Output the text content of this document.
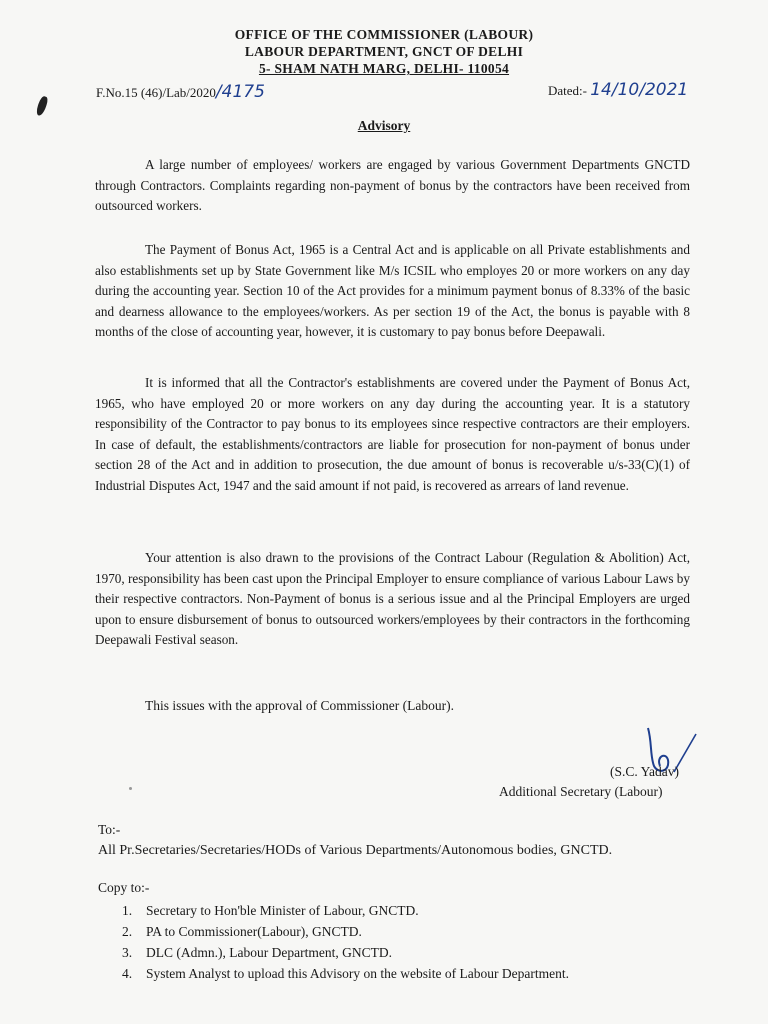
OFFICE OF THE COMMISSIONER (LABOUR)
LABOUR DEPARTMENT, GNCT OF DELHI
5- SHAM NATH MARG, DELHI- 110054
F.No.15 (46)/Lab/2020/4175	Dated:- 14/10/2021
Advisory
A large number of employees/ workers are engaged by various Government Departments GNCTD through Contractors. Complaints regarding non-payment of bonus by the contractors have been received from outsourced workers.
The Payment of Bonus Act, 1965 is a Central Act and is applicable on all Private establishments and also establishments set up by State Government like M/s ICSIL who employes 20 or more workers on any day during the accounting year. Section 10 of the Act provides for a minimum payment bonus of 8.33% of the basic and dearness allowance to the employees/workers. As per section 19 of the Act, the bonus is payable with 8 months of the close of accounting year, however, it is customary to pay bonus before Deepawali.
It is informed that all the Contractor's establishments are covered under the Payment of Bonus Act, 1965, who have employed 20 or more workers on any day during the accounting year. It is a statutory responsibility of the Contractor to pay bonus to its employees since respective contractors are their employers. In case of default, the establishments/contractors are liable for prosecution for non-payment of bonus under section 28 of the Act and in addition to prosecution, the due amount of bonus is recoverable u/s-33(C)(1) of Industrial Disputes Act, 1947 and the said amount if not paid, is recovered as arrears of land revenue.
Your attention is also drawn to the provisions of the Contract Labour (Regulation & Abolition) Act, 1970, responsibility has been cast upon the Principal Employer to ensure compliance of various Labour Laws by their respective contractors. Non-Payment of bonus is a serious issue and al the Principal Employers are urged upon to ensure disbursement of bonus to outsourced workers/employees by their contractors in the forthcoming Deepawali Festival season.
This issues with the approval of Commissioner (Labour).
(S.C. Yadav)
Additional Secretary (Labour)
To:-
All Pr.Secretaries/Secretaries/HODs of Various Departments/Autonomous bodies, GNCTD.
Copy to:-
1. Secretary to Hon'ble Minister of Labour, GNCTD.
2. PA to Commissioner(Labour), GNCTD.
3. DLC (Admn.), Labour Department, GNCTD.
4. System Analyst to upload this Advisory on the website of Labour Department.
